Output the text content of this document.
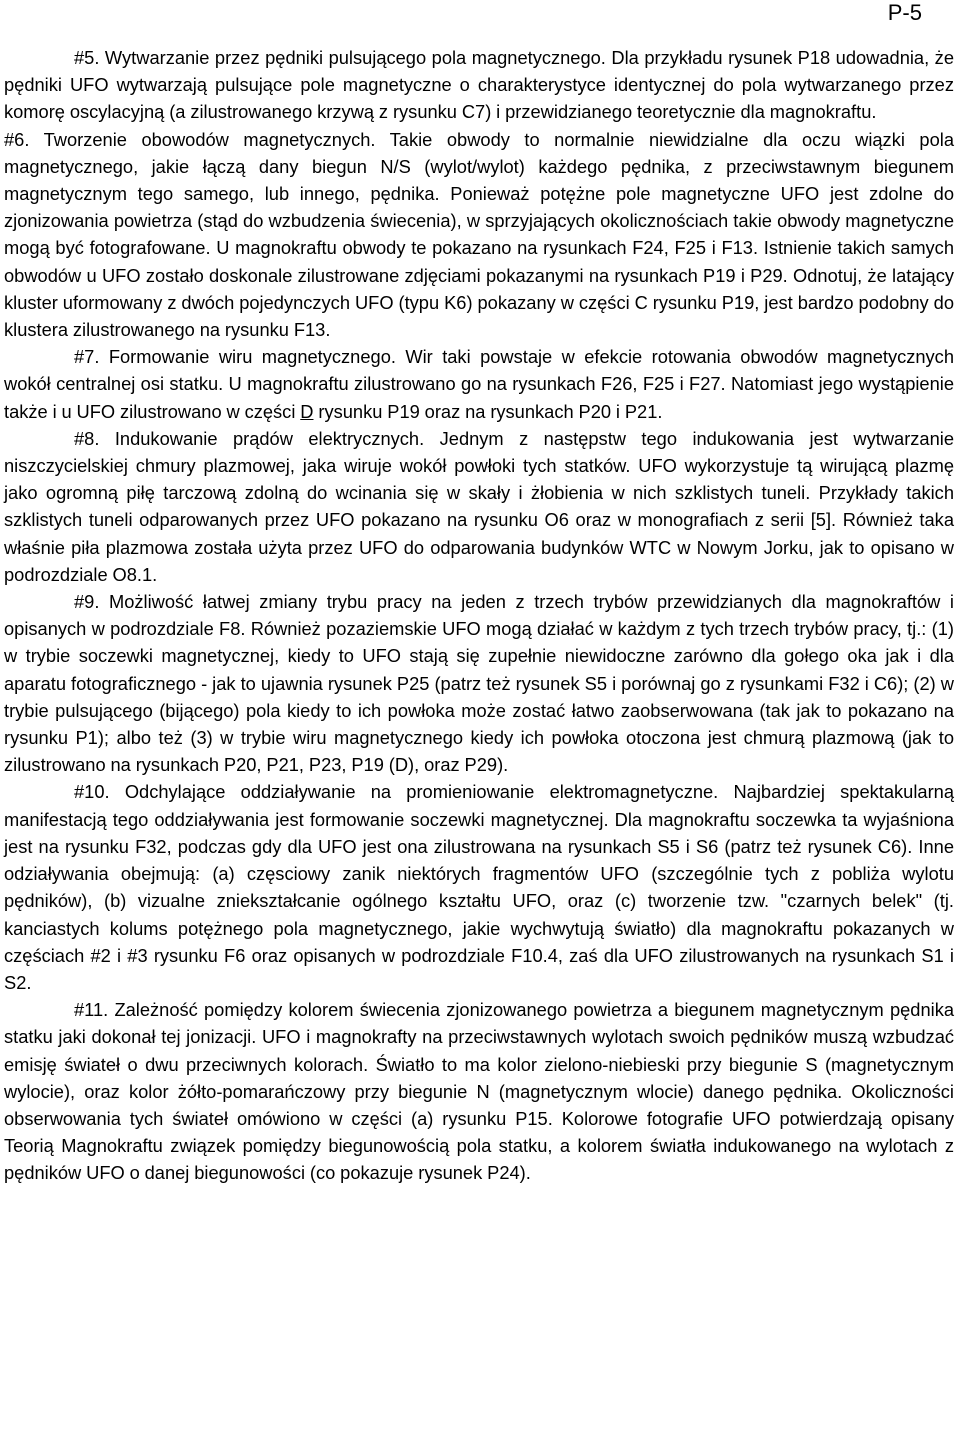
P-5

#5. Wytwarzanie przez pędniki pulsującego pola magnetycznego. Dla przykładu rysunek P18 udowadnia, że pędniki UFO wytwarzają pulsujące pole magnetyczne o charakterystyce identycznej do pola wytwarzanego przez komorę oscylacyjną (a zilustrowanego krzywą z rysunku C7) i przewidzianego teoretycznie dla magnokraftu.

#6. Tworzenie obowodów magnetycznych. Takie obwody to normalnie niewidzialne dla oczu wiązki pola magnetycznego, jakie łączą dany biegun N/S (wylot/wylot) każdego pędnika, z przeciwstawnym biegunem magnetycznym tego samego, lub innego, pędnika. Ponieważ potężne pole magnetyczne UFO jest zdolne do zjonizowania powietrza (stąd do wzbudzenia świecenia), w sprzyjających okolicznościach takie obwody magnetyczne mogą być fotografowane. U magnokraftu obwody te pokazano na rysunkach F24, F25 i F13. Istnienie takich samych obwodów u UFO zostało doskonale zilustrowane zdjęciami pokazanymi na rysunkach P19 i P29. Odnotuj, że latający kluster uformowany z dwóch pojedynczych UFO (typu K6) pokazany w części C rysunku P19, jest bardzo podobny do klustera zilustrowanego na rysunku F13.

#7. Formowanie wiru magnetycznego. Wir taki powstaje w efekcie rotowania obwodów magnetycznych wokół centralnej osi statku. U magnokraftu zilustrowano go na rysunkach F26, F25 i F27. Natomiast jego wystąpienie także i u UFO zilustrowano w części D rysunku P19 oraz na rysunkach P20 i P21.

#8. Indukowanie prądów elektrycznych. Jednym z następstw tego indukowania jest wytwarzanie niszczycielskiej chmury plazmowej, jaka wiruje wokół powłoki tych statków. UFO wykorzystuje tą wirującą plazmę jako ogromną piłę tarczową zdolną do wcinania się w skały i żłobienia w nich szklistych tuneli. Przykłady takich szklistych tuneli odparowanych przez UFO pokazano na rysunku O6 oraz w monografiach z serii [5]. Również taka właśnie piła plazmowa została użyta przez UFO do odparowania budynków WTC w Nowym Jorku, jak to opisano w podrozdziale O8.1.

#9. Możliwość łatwej zmiany trybu pracy na jeden z trzech trybów przewidzianych dla magnokraftów i opisanych w podrozdziale F8. Również pozaziemskie UFO mogą działać w każdym z tych trzech trybów pracy, tj.: (1) w trybie soczewki magnetycznej, kiedy to UFO stają się zupełnie niewidoczne zarówno dla gołego oka jak i dla aparatu fotograficznego - jak to ujawnia rysunek P25 (patrz też rysunek S5 i porównaj go z rysunkami F32 i C6); (2) w trybie pulsującego (bijącego) pola kiedy to ich powłoka może zostać łatwo zaobserwowana (tak jak to pokazano na rysunku P1); albo też (3) w trybie wiru magnetycznego kiedy ich powłoka otoczona jest chmurą plazmową (jak to zilustrowano na rysunkach P20, P21, P23, P19 (D), oraz P29).

#10. Odchylające oddziaływanie na promieniowanie elektromagnetyczne. Najbardziej spektakularną manifestacją tego oddziaływania jest formowanie soczewki magnetycznej. Dla magnokraftu soczewka ta wyjaśniona jest na rysunku F32, podczas gdy dla UFO jest ona zilustrowana na rysunkach S5 i S6 (patrz też rysunek C6). Inne odziaływania obejmują: (a) częsciowy zanik niektórych fragmentów UFO (szczególnie tych z pobliża wylotu pędników), (b) vizualne zniekształcanie ogólnego kształtu UFO, oraz (c) tworzenie tzw. "czarnych belek" (tj. kanciastych kolums potężnego pola magnetycznego, jakie wychwytują światło) dla magnokraftu pokazanych w częściach #2 i #3 rysunku F6 oraz opisanych w podrozdziale F10.4, zaś dla UFO zilustrowanych na rysunkach S1 i S2.

#11. Zależność pomiędzy kolorem świecenia zjonizowanego powietrza a biegunem magnetycznym pędnika statku jaki dokonał tej jonizacji. UFO i magnokrafty na przeciwstawnych wylotach swoich pędników muszą wzbudzać emisję świateł o dwu przeciwnych kolorach. Światło to ma kolor zielono-niebieski przy biegunie S (magnetycznym wylocie), oraz kolor żółto-pomarańczowy przy biegunie N (magnetycznym wlocie) danego pędnika. Okoliczności obserwowania tych świateł omówiono w części (a) rysunku P15. Kolorowe fotografie UFO potwierdzają opisany Teorią Magnokraftu związek pomiędzy biegunowością pola statku, a kolorem światła indukowanego na wylotach z pędników UFO o danej biegunowości (co pokazuje rysunek P24).
